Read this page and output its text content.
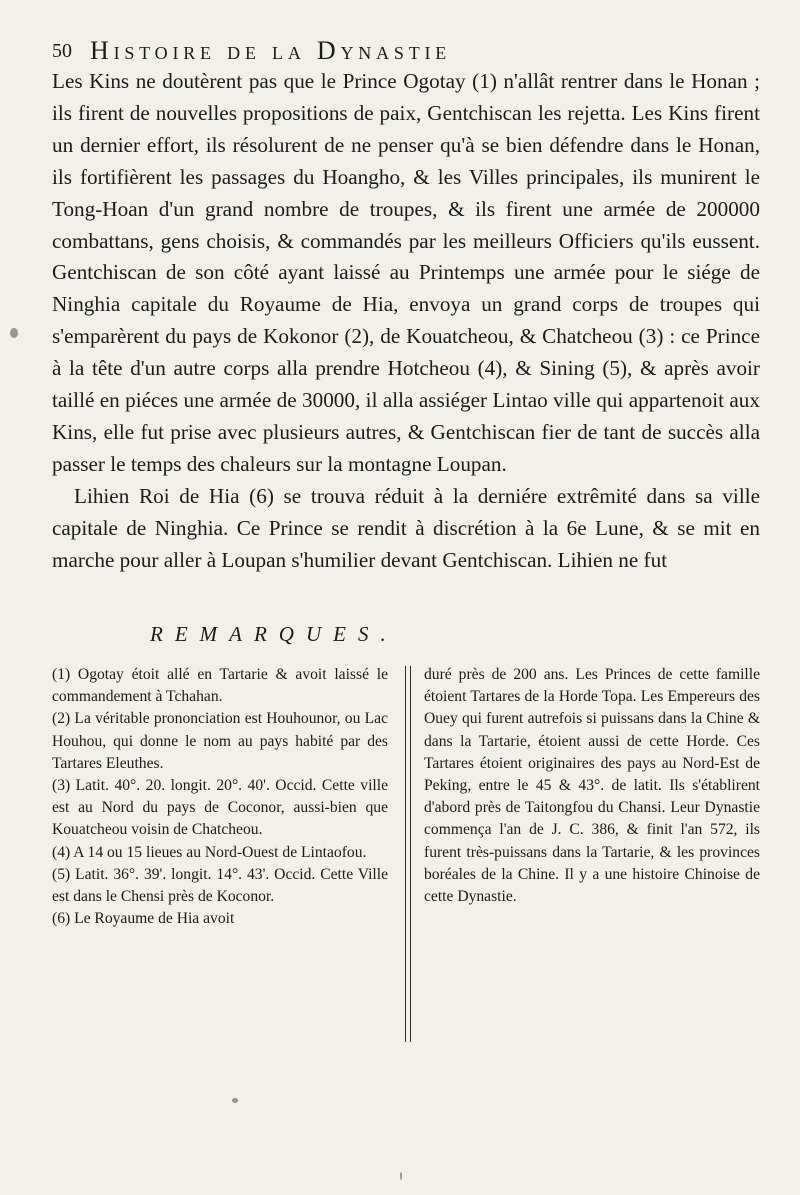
50 Histoire de la Dynastie

Les Kins ne doutèrent pas que le Prince Ogotay (1) n'allât rentrer dans le Honan ; ils firent de nouvelles propositions de paix, Gentchiscan les rejetta. Les Kins firent un dernier effort, ils résolurent de ne penser qu'à se bien défendre dans le Honan, ils fortifièrent les passages du Hoangho, & les Villes principales, ils munirent le Tong-Hoan d'un grand nombre de troupes, & ils firent une armée de 200000 combattans, gens choisis, & commandés par les meilleurs Officiers qu'ils eussent. Gentchiscan de son côté ayant laissé au Printemps une armée pour le siége de Ninghia capitale du Royaume de Hia, envoya un grand corps de troupes qui s'emparèrent du pays de Kokonor (2), de Kouatcheou, & Chatcheou (3) : ce Prince à la tête d'un autre corps alla prendre Hotcheou (4), & Sining (5), & après avoir taillé en piéces une armée de 30000, il alla assiéger Lintao ville qui appartenoit aux Kins, elle fut prise avec plusieurs autres, & Gentchiscan fier de tant de succès alla passer le temps des chaleurs sur la montagne Loupan.

Lihien Roi de Hia (6) se trouva réduit à la derniére extrêmité dans sa ville capitale de Ninghia. Ce Prince se rendit à discrétion à la 6e Lune, & se mit en marche pour aller à Loupan s'humilier devant Gentchiscan. Lihien ne fut

REMARQUES.

(1) Ogotay étoit allé en Tartarie & avoit laissé le commandement à Tchahan.

(2) La véritable prononciation est Houhounor, ou Lac Houhou, qui donne le nom au pays habité par des Tartares Eleuthes.

(3) Latit. 40°. 20. longit. 20°. 40'. Occid. Cette ville est au Nord du pays de Coconor, aussi-bien que Kouatcheou voisin de Chatcheou.

(4) A 14 ou 15 lieues au Nord-Ouest de Lintaofou.

(5) Latit. 36°. 39'. longit. 14°. 43'. Occid. Cette Ville est dans le Chensi près de Koconor.

(6) Le Royaume de Hia avoit

duré près de 200 ans. Les Princes de cette famille étoient Tartares de la Horde Topa. Les Empereurs des Ouey qui furent autrefois si puissans dans la Chine & dans la Tartarie, étoient aussi de cette Horde. Ces Tartares étoient originaires des pays au Nord-Est de Peking, entre le 45 & 43°. de latit. Ils s'établirent d'abord près de Taitongfou du Chansi. Leur Dynastie commença l'an de J. C. 386, & finit l'an 572, ils furent très-puissans dans la Tartarie, & les provinces boréales de la Chine. Il y a une histoire Chinoise de cette Dynastie.
